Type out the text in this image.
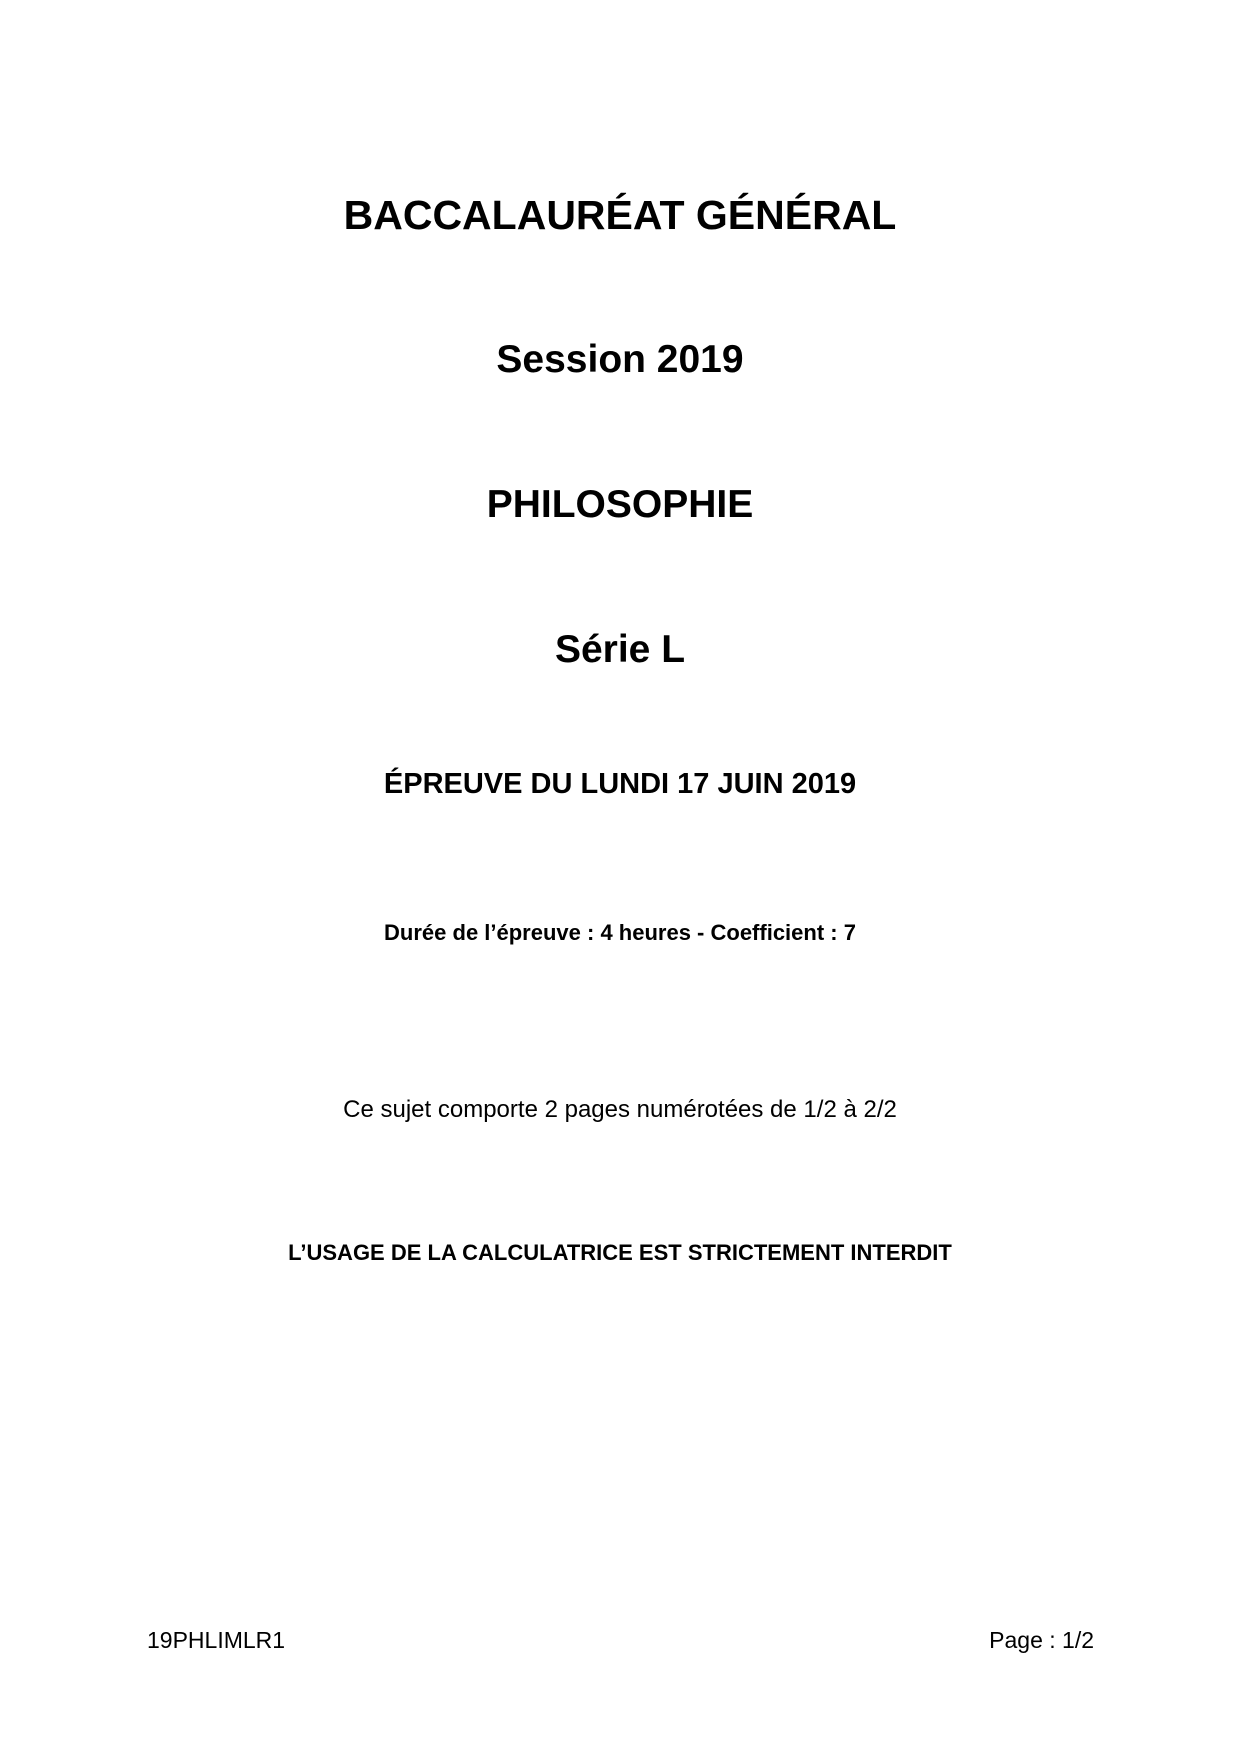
BACCALAURÉAT GÉNÉRAL
Session 2019
PHILOSOPHIE
Série L
ÉPREUVE DU LUNDI 17 JUIN 2019
Durée de l’épreuve : 4 heures - Coefficient : 7
Ce sujet comporte 2 pages numérotées de 1/2 à 2/2
L’USAGE DE LA CALCULATRICE EST STRICTEMENT INTERDIT
19PHLIMLR1	Page : 1/2
